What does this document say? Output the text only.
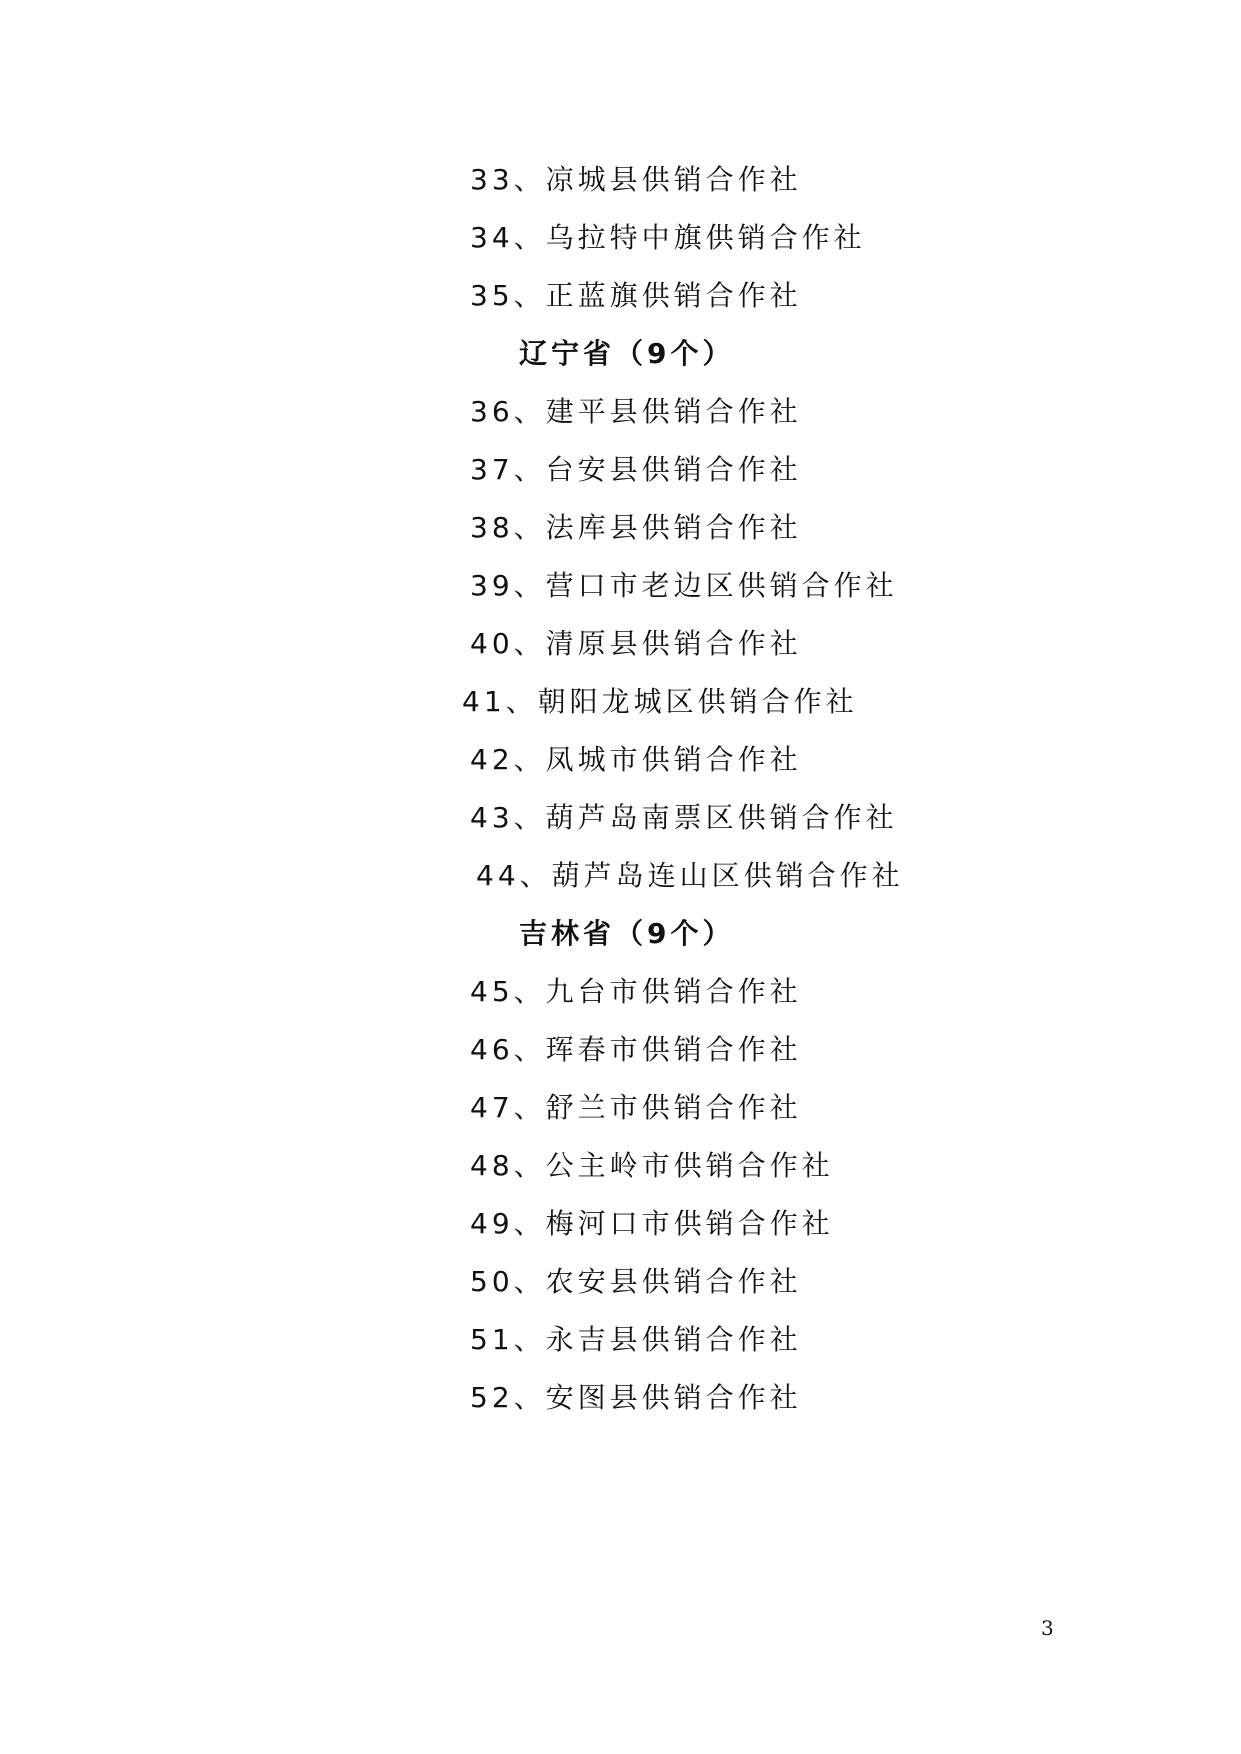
33、凉城县供销合作社
34、乌拉特中旗供销合作社
35、正蓝旗供销合作社
辽宁省（9个）
36、建平县供销合作社
37、台安县供销合作社
38、法库县供销合作社
39、营口市老边区供销合作社
40、清原县供销合作社
41、朝阳龙城区供销合作社
42、凤城市供销合作社
43、葫芦岛南票区供销合作社
44、葫芦岛连山区供销合作社
吉林省（9个）
45、九台市供销合作社
46、珲春市供销合作社
47、舒兰市供销合作社
48、公主岭市供销合作社
49、梅河口市供销合作社
50、农安县供销合作社
51、永吉县供销合作社
52、安图县供销合作社
3
